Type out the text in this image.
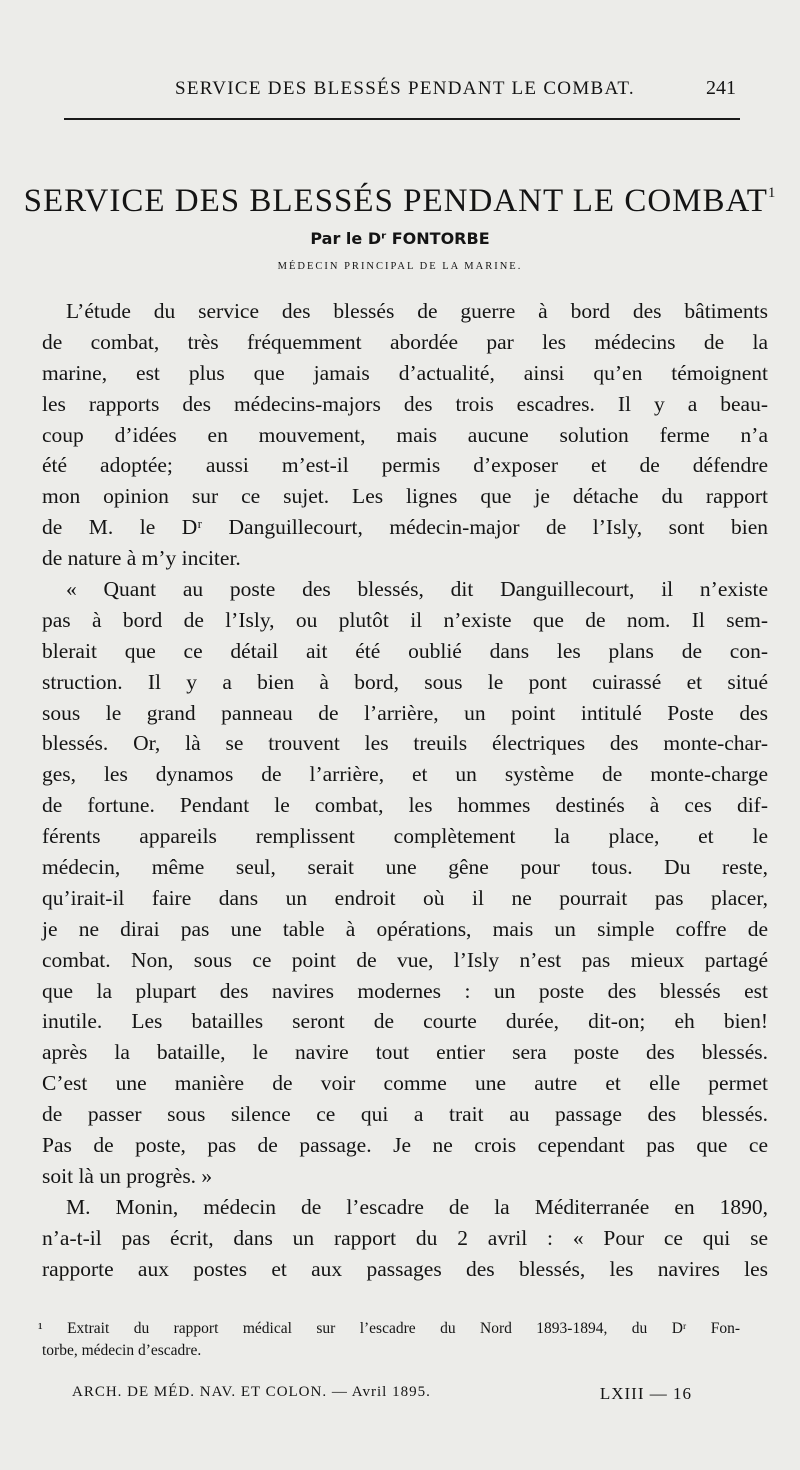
SERVICE DES BLESSÉS PENDANT LE COMBAT.	241
SERVICE DES BLESSÉS PENDANT LE COMBAT$^1$
Par le Dʳ FONTORBE
MÉDECIN PRINCIPAL DE LA MARINE.
L’étude du service des blessés de guerre à bord des bâtiments
de combat, très fréquemment abordée par les médecins de la
marine, est plus que jamais d’actualité, ainsi qu’en témoignent
les rapports des médecins-majors des trois escadres. Il y a beau-
coup d’idées en mouvement, mais aucune solution ferme n’a
été adoptée; aussi m’est-il permis d’exposer et de défendre
mon opinion sur ce sujet. Les lignes que je détache du rapport
de M. le Dʳ Danguillecourt, médecin-major de l’Isly, sont bien
de nature à m’y inciter.
« Quant au poste des blessés, dit Danguillecourt, il n’existe
pas à bord de l’Isly, ou plutôt il n’existe que de nom. Il sem-
blerait que ce détail ait été oublié dans les plans de con-
struction. Il y a bien à bord, sous le pont cuirassé et situé
sous le grand panneau de l’arrière, un point intitulé Poste des
blessés. Or, là se trouvent les treuils électriques des monte-char-
ges, les dynamos de l’arrière, et un système de monte-charge
de fortune. Pendant le combat, les hommes destinés à ces dif-
férents appareils remplissent complètement la place, et le
médecin, même seul, serait une gêne pour tous. Du reste,
qu’irait-il faire dans un endroit où il ne pourrait pas placer,
je ne dirai pas une table à opérations, mais un simple coffre de
combat. Non, sous ce point de vue, l’Isly n’est pas mieux partagé
que la plupart des navires modernes : un poste des blessés est
inutile. Les batailles seront de courte durée, dit-on; eh bien!
après la bataille, le navire tout entier sera poste des blessés.
C’est une manière de voir comme une autre et elle permet
de passer sous silence ce qui a trait au passage des blessés.
Pas de poste, pas de passage. Je ne crois cependant pas que ce
soit là un progrès. »
M. Monin, médecin de l’escadre de la Méditerranée en 1890,
n’a-t-il pas écrit, dans un rapport du 2 avril : « Pour ce qui se
rapporte aux postes et aux passages des blessés, les navires les
¹ Extrait du rapport médical sur l’escadre du Nord 1893-1894, du Dʳ Fon-
torbe, médecin d’escadre.
ARCH. DE MÉD. NAV. ET COLON. — Avril 1895.	LXIII — 16
